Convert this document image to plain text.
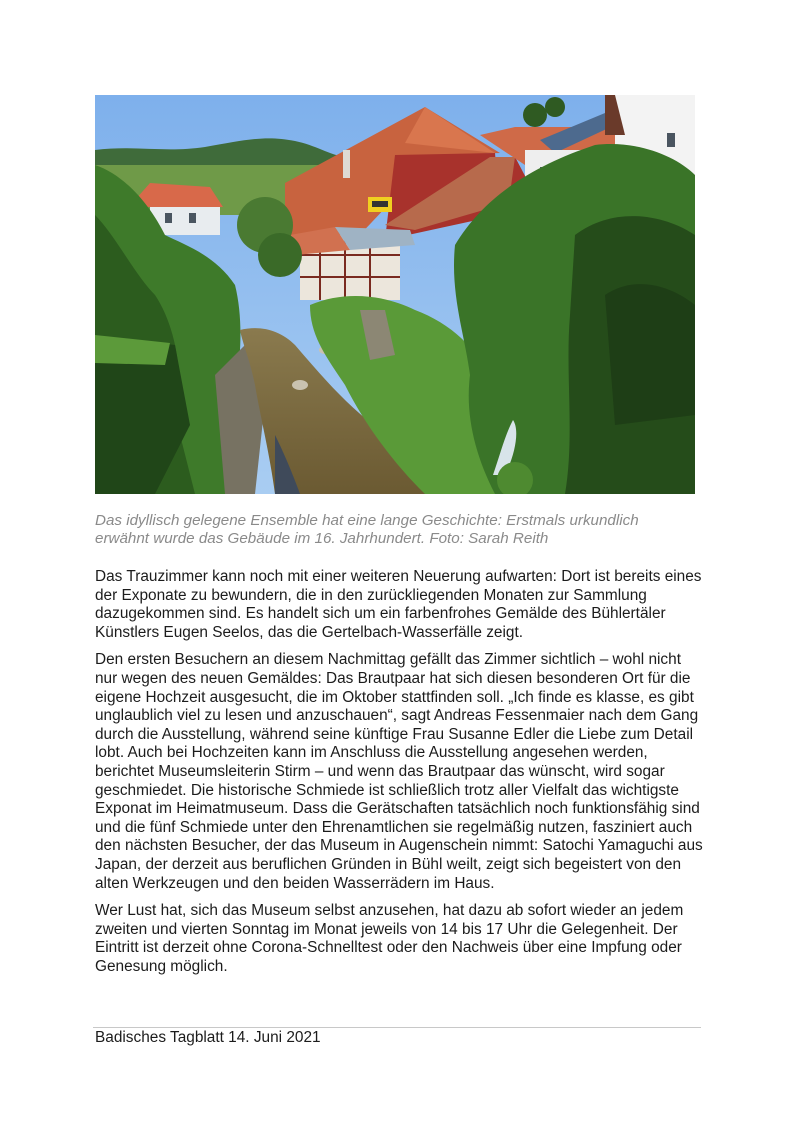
Das idyllisch gelegene Ensemble hat eine lange Geschichte: Erstmals urkundlich erwähnt wurde das Gebäude im 16. Jahrhundert. Foto: Sarah Reith

Das Trauzimmer kann noch mit einer weiteren Neuerung aufwarten: Dort ist bereits eines der Exponate zu bewundern, die in den zurückliegenden Monaten zur Sammlung dazugekommen sind. Es handelt sich um ein farbenfrohes Gemälde des Bühlertäler Künstlers Eugen Seelos, das die Gertelbach-Wasserfälle zeigt.

Den ersten Besuchern an diesem Nachmittag gefällt das Zimmer sichtlich – wohl nicht nur wegen des neuen Gemäldes: Das Brautpaar hat sich diesen besonderen Ort für die eigene Hochzeit ausgesucht, die im Oktober stattfinden soll. „Ich finde es klasse, es gibt unglaublich viel zu lesen und anzuschauen“, sagt Andreas Fessenmaier nach dem Gang durch die Ausstellung, während seine künftige Frau Susanne Edler die Liebe zum Detail lobt. Auch bei Hochzeiten kann im Anschluss die Ausstellung angesehen werden, berichtet Museumsleiterin Stirm – und wenn das Brautpaar das wünscht, wird sogar geschmiedet. Die historische Schmiede ist schließlich trotz aller Vielfalt das wichtigste Exponat im Heimatmuseum. Dass die Gerätschaften tatsächlich noch funktionsfähig sind und die fünf Schmiede unter den Ehrenamtlichen sie regelmäßig nutzen, fasziniert auch den nächsten Besucher, der das Museum in Augenschein nimmt: Satochi Yamaguchi aus Japan, der derzeit aus beruflichen Gründen in Bühl weilt, zeigt sich begeistert von den alten Werkzeugen und den beiden Wasserrädern im Haus.

Wer Lust hat, sich das Museum selbst anzusehen, hat dazu ab sofort wieder an jedem zweiten und vierten Sonntag im Monat jeweils von 14 bis 17 Uhr die Gelegenheit. Der Eintritt ist derzeit ohne Corona-Schnelltest oder den Nachweis über eine Impfung oder Genesung möglich.

Badisches Tagblatt 14. Juni 2021
